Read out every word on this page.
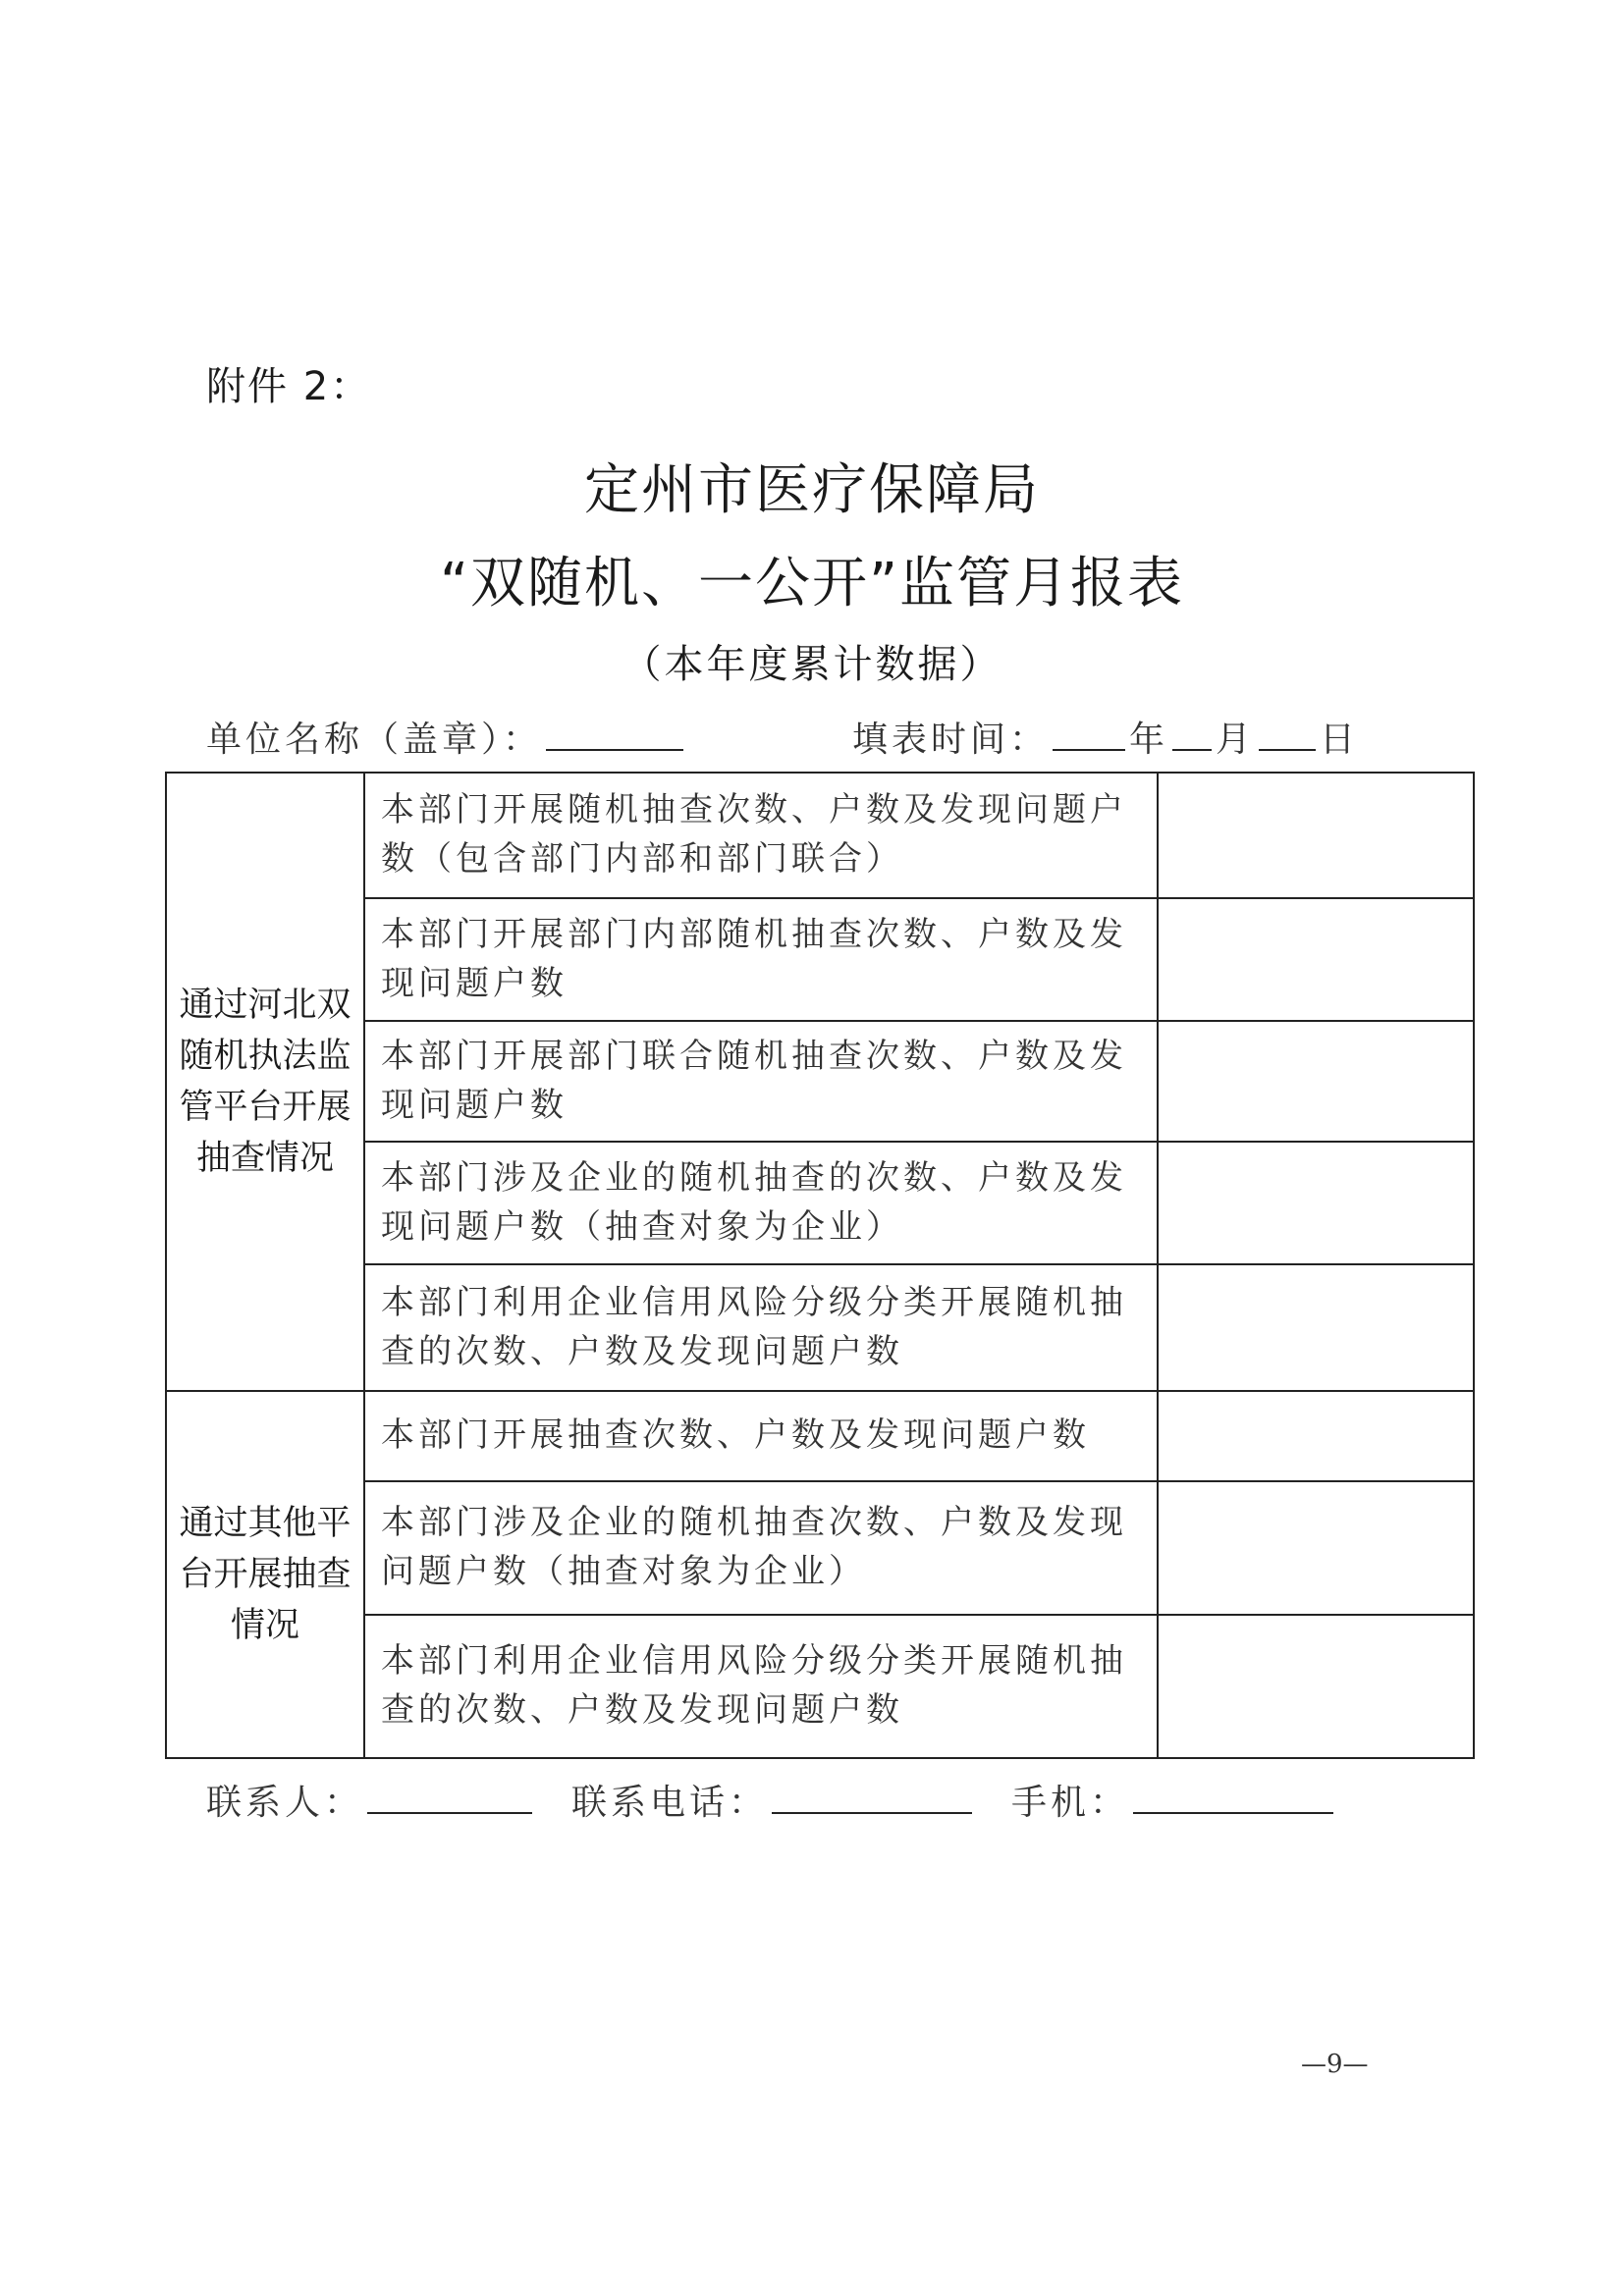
附件 2：
定州市医疗保障局
“双随机、一公开”监管月报表
（本年度累计数据）
单位名称（盖章）：	填表时间： 年 月 日
通过河北双随机执法监管平台开展抽查情况	本部门开展随机抽查次数、户数及发现问题户数（包含部门内部和部门联合）	
	本部门开展部门内部随机抽查次数、户数及发现问题户数	
	本部门开展部门联合随机抽查次数、户数及发现问题户数	
	本部门涉及企业的随机抽查的次数、户数及发现问题户数（抽查对象为企业）	
	本部门利用企业信用风险分级分类开展随机抽查的次数、户数及发现问题户数	
通过其他平台开展抽查情况	本部门开展抽查次数、户数及发现问题户数	
	本部门涉及企业的随机抽查次数、户数及发现问题户数（抽查对象为企业）	
	本部门利用企业信用风险分级分类开展随机抽查的次数、户数及发现问题户数	
联系人：	联系电话：	手机：
—9—
